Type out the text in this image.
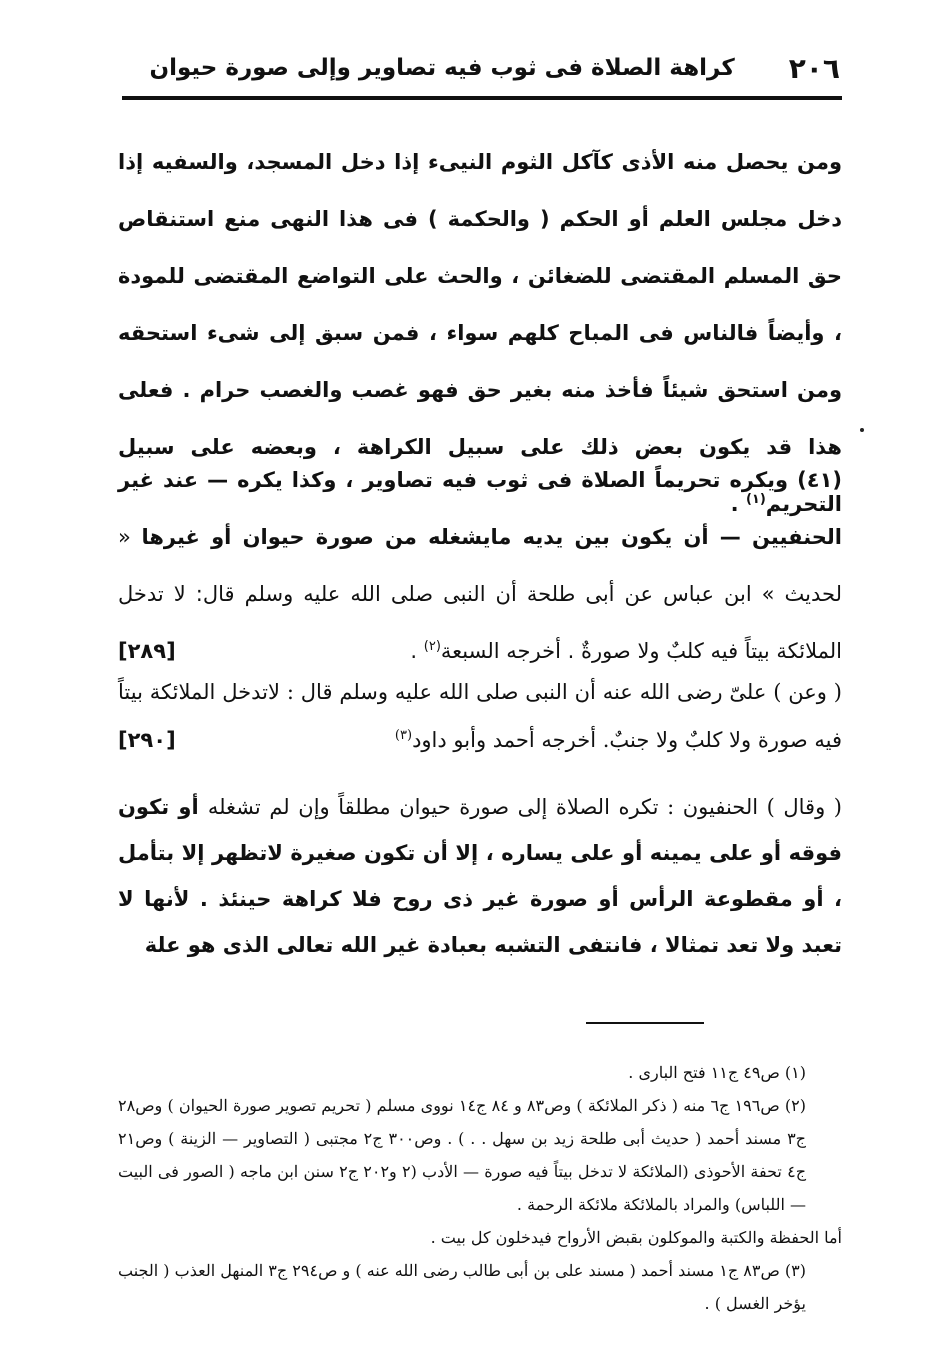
٢٠٦
كراهة الصلاة فى ثوب فيه تصاوير وإلى صورة حيوان
ومن يحصل منه الأذى كآكل الثوم النيىء إذا دخل المسجد، والسفيه إذا دخل مجلس العلم أو الحكم ( والحكمة ) فى هذا النهى منع استنقاص حق المسلم المقتضى للضغائن ، والحث على التواضع المقتضى للمودة ، وأيضاً فالناس فى المباح كلهم سواء ، فمن سبق إلى شىء استحقه ومن استحق شيئاً فأخذ منه بغير حق فهو غصب والغصب حرام . فعلى هذا قد يكون بعض ذلك على سبيل الكراهة ، وبعضه على سبيل التحريم$^{(١)}$ .
(٤١) ويكره تحريماً الصلاة فى ثوب فيه تصاوير ، وكذا يكره — عند غير الحنفيين — أن يكون بين يديه مايشغله من صورة حيوان أو غيرها « لحديث » ابن عباس عن أبى طلحة أن النبى صلى الله عليه وسلم قال: لا تدخل الملائكة بيتاً فيه كلبٌ ولا صورةٌ . أخرجه السبعة$^{(٢)}$ .
[٢٨٩]
( وعن ) علىّ رضى الله عنه أن النبى صلى الله عليه وسلم قال : لاتدخل الملائكة بيتاً فيه صورة ولا كلبٌ ولا جنبٌ. أخرجه أحمد وأبو داود$^{(٣)}$
[٢٩٠]
( وقال ) الحنفيون : تكره الصلاة إلى صورة حيوان مطلقاً وإن لم تشغله أو تكون فوقه أو على يمينه أو على يساره ، إلا أن تكون صغيرة لاتظهر إلا بتأمل ، أو مقطوعة الرأس أو صورة غير ذى روح فلا كراهة حينئذ . لأنها لا تعبد ولا تعد تمثالا ، فانتفى التشبه بعبادة غير الله تعالى الذى هو علة

(١) ص٤٩ ج١١ فتح البارى .

(٢) ص١٩٦ ج٦ منه ( ذكر الملائكة ) وص٨٣ و ٨٤ ج١٤ نووى مسلم ( تحريم تصوير صورة الحيوان ) وص٢٨ ج٣ مسند أحمد ( حديث أبى طلحة زيد بن سهل . . ) . وص٣٠٠ ج٢ مجتبى ( التصاوير — الزينة ) وص٢١ ج٤ تحفة الأحوذى (الملائكة لا تدخل بيتاً فيه صورة — الأدب (٢ و٢٠٢ ج٢ سنن ابن ماجه ( الصور فى البيت — اللباس) والمراد بالملائكة ملائكة الرحمة .

أما الحفظة والكتبة والموكلون بقبض الأرواح فيدخلون كل بيت .

(٣) ص٨٣ ج١ مسند أحمد ( مسند على بن أبى طالب رضى الله عنه ) و ص٢٩٤ ج٣ المنهل العذب ( الجنب يؤخر الغسل ) .
